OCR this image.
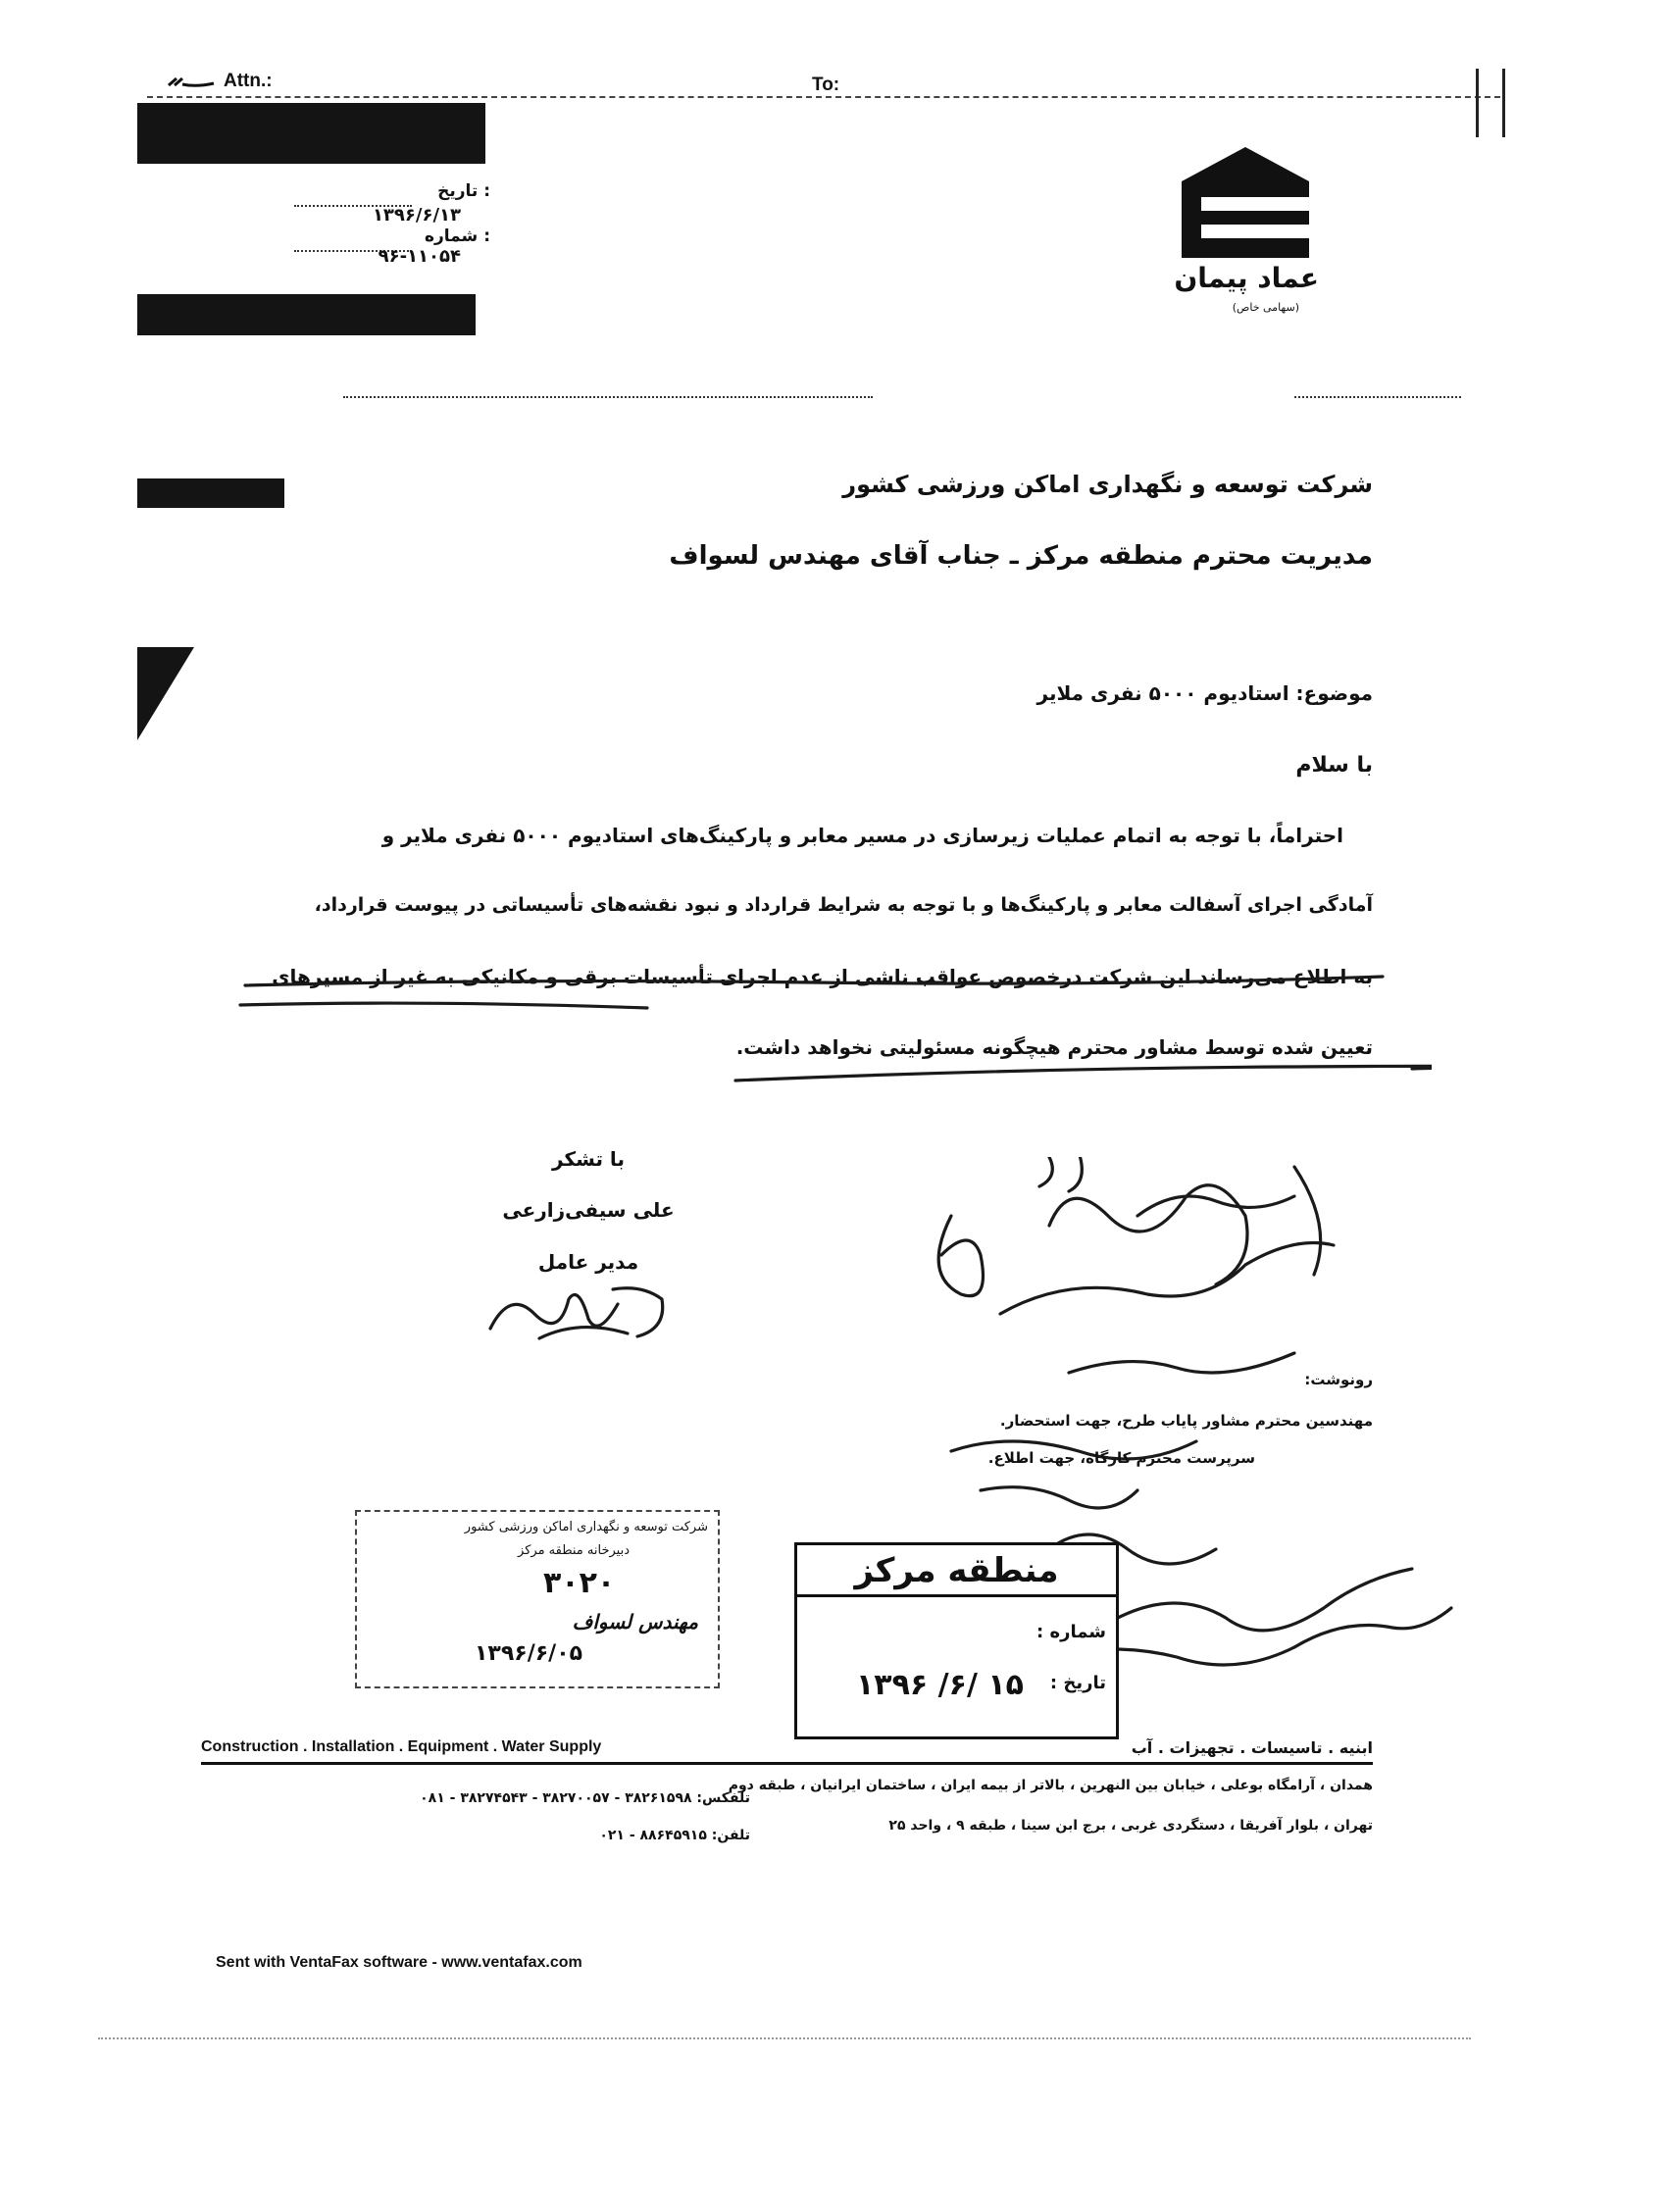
Attn.:	To:
: تاریخ
۱۳۹۶/۶/۱۳
: شماره
۹۶-۱۱۰۵۴
عماد پیمان
(سهامی خاص)
شرکت توسعه و نگهداری اماکن ورزشی کشور
مدیریت محترم منطقه مرکز ـ جناب آقای مهندس لسواف
موضوع: استادیوم ۵۰۰۰ نفری ملایر
با سلام
احتراماً، با توجه به اتمام عملیات زیرسازی در مسیر معابر و پارکینگ‌های استادیوم ۵۰۰۰ نفری ملایر و
آمادگی اجرای آسفالت معابر و پارکینگ‌ها و با توجه به شرایط قرارداد و نبود نقشه‌های تأسیساتی در پیوست قرارداد،
به اطلاع می‌رساند این شرکت درخصوص عواقب ناشی از عدم اجرای تأسیسات برقی و مکانیکی به غیر از مسیرهای
تعیین شده توسط مشاور محترم هیچگونه مسئولیتی نخواهد داشت.
با تشکر
علی سیفی‌زارعی
مدیر عامل
رونوشت:
مهندسین محترم مشاور پایاب طرح، جهت استحضار.
سرپرست محترم کارگاه، جهت اطلاع.
شرکت توسعه و نگهداری اماکن ورزشی کشور
دبیرخانه منطقه مرکز
۳۰۲۰
مهندس لسواف
۱۳۹۶/۶/۰۵
منطقه مرکز
شماره :
تاریخ :
۱۳۹۶ /۶/ ۱۵
Construction . Installation . Equipment . Water Supply	ابنیه . تاسیسات . تجهیزات . آب
همدان ، آرامگاه بوعلی ، خیابان بین النهرین ، بالاتر از بیمه ایران ، ساختمان ایرانیان ، طبقه دوم
تلفکس: ۳۸۲۶۱۵۹۸ - ۳۸۲۷۰۰۵۷ - ۳۸۲۷۴۵۴۳ - ۰۸۱
تهران ، بلوار آفریقا ، دستگردی غربی ، برج ابن سینا ، طبقه ۹ ، واحد ۲۵
تلفن: ۸۸۶۴۵۹۱۵ - ۰۲۱
Sent with VentaFax software - www.ventafax.com
